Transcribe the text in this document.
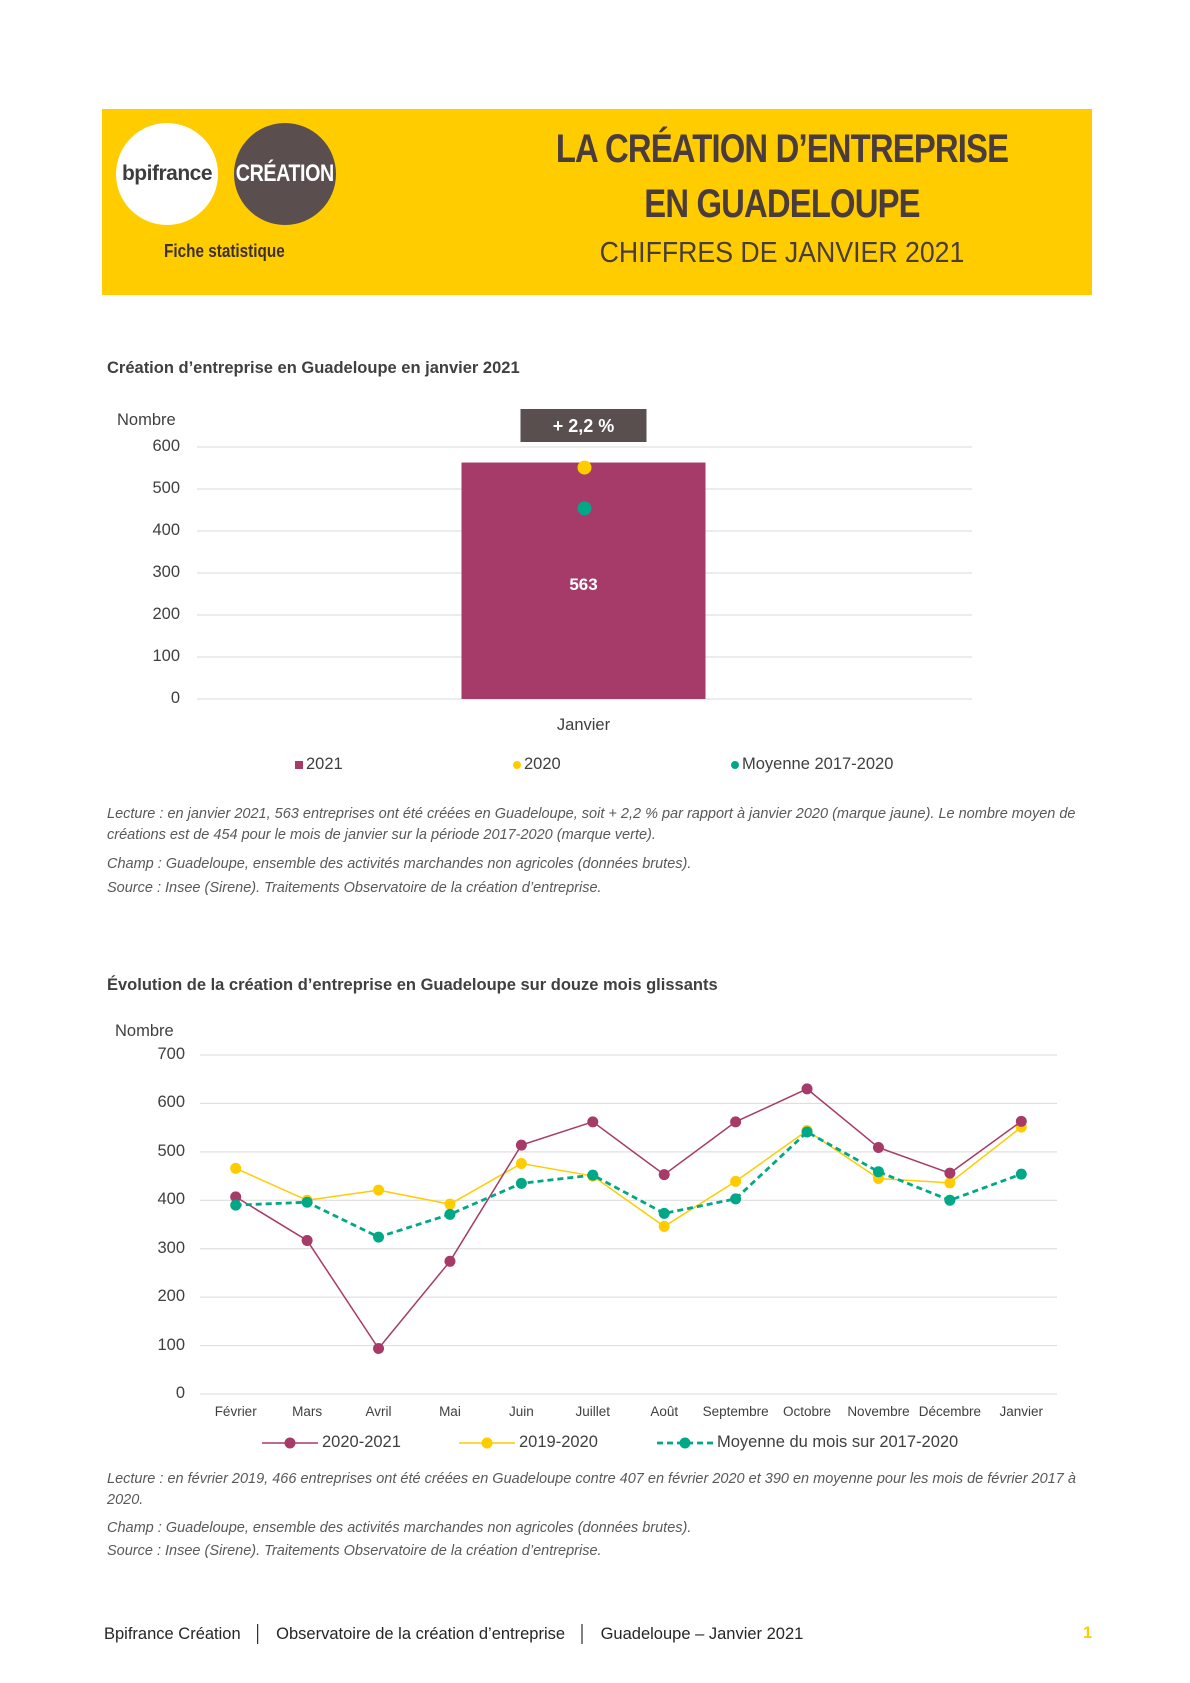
bpifrance CRÉATION
Fiche statistique
LA CRÉATION D’ENTREPRISE
EN GUADELOUPE
CHIFFRES DE JANVIER 2021
Création d’entreprise en Guadeloupe en janvier 2021
Nombre
0
100
200
300
400
500
600
563
+ 2,2 %
Janvier
2021	2020	Moyenne 2017-2020
Lecture : en janvier 2021, 563 entreprises ont été créées en Guadeloupe, soit + 2,2 % par rapport à janvier 2020 (marque jaune). Le nombre moyen de créations est de 454 pour le mois de janvier sur la période 2017-2020 (marque verte).
Champ : Guadeloupe, ensemble des activités marchandes non agricoles (données brutes).
Source : Insee (Sirene). Traitements Observatoire de la création d’entreprise.
Évolution de la création d’entreprise en Guadeloupe sur douze mois glissants
Nombre
0
100
200
300
400
500
600
700
Février	Mars	Avril	Mai	Juin	Juillet	Août Septembre Octobre Novembre Décembre Janvier
2020-2021	2019-2020	Moyenne du mois sur 2017-2020
Lecture : en février 2019, 466 entreprises ont été créées en Guadeloupe contre 407 en février 2020 et 390 en moyenne pour les mois de février 2017 à 2020.
Champ : Guadeloupe, ensemble des activités marchandes non agricoles (données brutes).
Source : Insee (Sirene). Traitements Observatoire de la création d’entreprise.
Bpifrance Création │ Observatoire de la création d’entreprise │ Guadeloupe – Janvier 2021	1
